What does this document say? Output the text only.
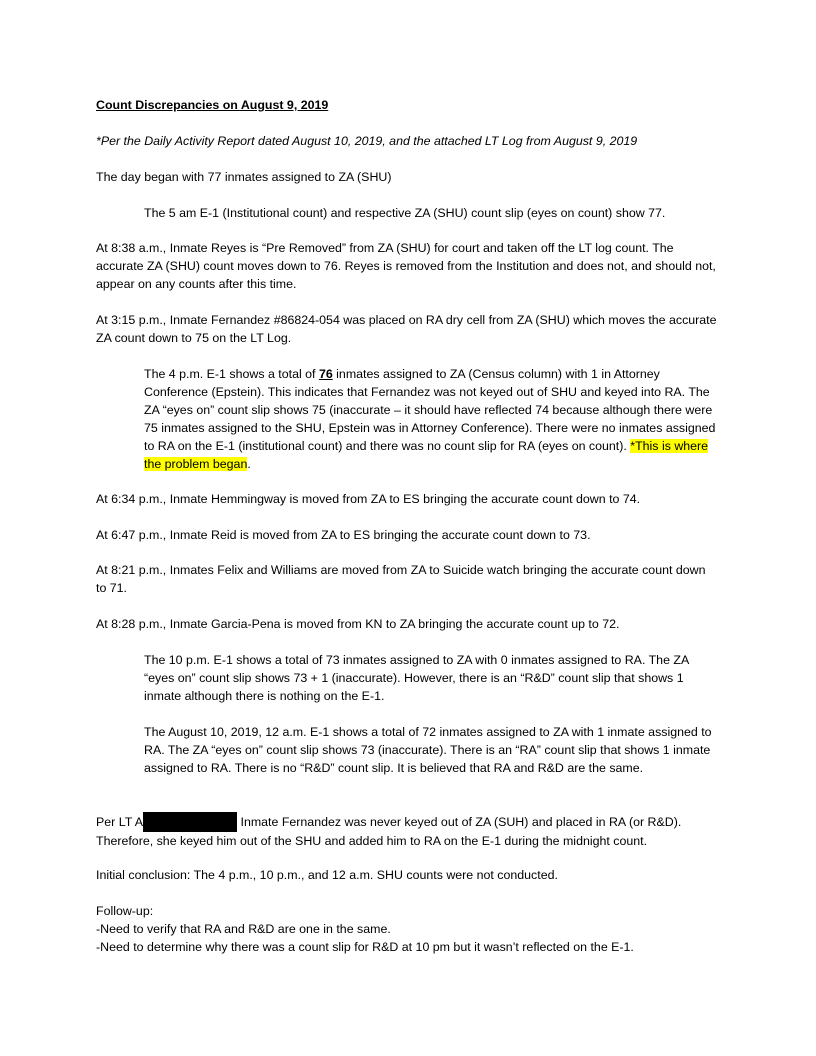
Count Discrepancies on August 9, 2019

*Per the Daily Activity Report dated August 10, 2019, and the attached LT Log from August 9, 2019

The day began with 77 inmates assigned to ZA (SHU)

The 5 am E-1 (Institutional count) and respective ZA (SHU) count slip (eyes on count) show 77.

At 8:38 a.m., Inmate Reyes is “Pre Removed” from ZA (SHU) for court and taken off the LT log count. The accurate ZA (SHU) count moves down to 76. Reyes is removed from the Institution and does not, and should not, appear on any counts after this time.

At 3:15 p.m., Inmate Fernandez #86824-054 was placed on RA dry cell from ZA (SHU) which moves the accurate ZA count down to 75 on the LT Log.

The 4 p.m. E-1 shows a total of 76 inmates assigned to ZA (Census column) with 1 in Attorney Conference (Epstein). This indicates that Fernandez was not keyed out of SHU and keyed into RA. The ZA “eyes on” count slip shows 75 (inaccurate – it should have reflected 74 because although there were 75 inmates assigned to the SHU, Epstein was in Attorney Conference). There were no inmates assigned to RA on the E-1 (institutional count) and there was no count slip for RA (eyes on count). *This is where the problem began.

At 6:34 p.m., Inmate Hemmingway is moved from ZA to ES bringing the accurate count down to 74.

At 6:47 p.m., Inmate Reid is moved from ZA to ES bringing the accurate count down to 73.

At 8:21 p.m., Inmates Felix and Williams are moved from ZA to Suicide watch bringing the accurate count down to 71.

At 8:28 p.m., Inmate Garcia-Pena is moved from KN to ZA bringing the accurate count up to 72.

The 10 p.m. E-1 shows a total of 73 inmates assigned to ZA with 0 inmates assigned to RA. The ZA “eyes on” count slip shows 73 + 1 (inaccurate). However, there is an “R&D” count slip that shows 1 inmate although there is nothing on the E-1.

The August 10, 2019, 12 a.m. E-1 shows a total of 72 inmates assigned to ZA with 1 inmate assigned to RA. The ZA “eyes on” count slip shows 73 (inaccurate). There is an “RA” count slip that shows 1 inmate assigned to RA. There is no “R&D” count slip. It is believed that RA and R&D are the same.

Per LT A	Inmate Fernandez was never keyed out of ZA (SUH) and placed in RA (or R&D).
Therefore, she keyed him out of the SHU and added him to RA on the E-1 during the midnight count.

Initial conclusion: The 4 p.m., 10 p.m., and 12 a.m. SHU counts were not conducted.

Follow-up:
-Need to verify that RA and R&D are one in the same.
-Need to determine why there was a count slip for R&D at 10 pm but it wasn’t reflected on the E-1.
